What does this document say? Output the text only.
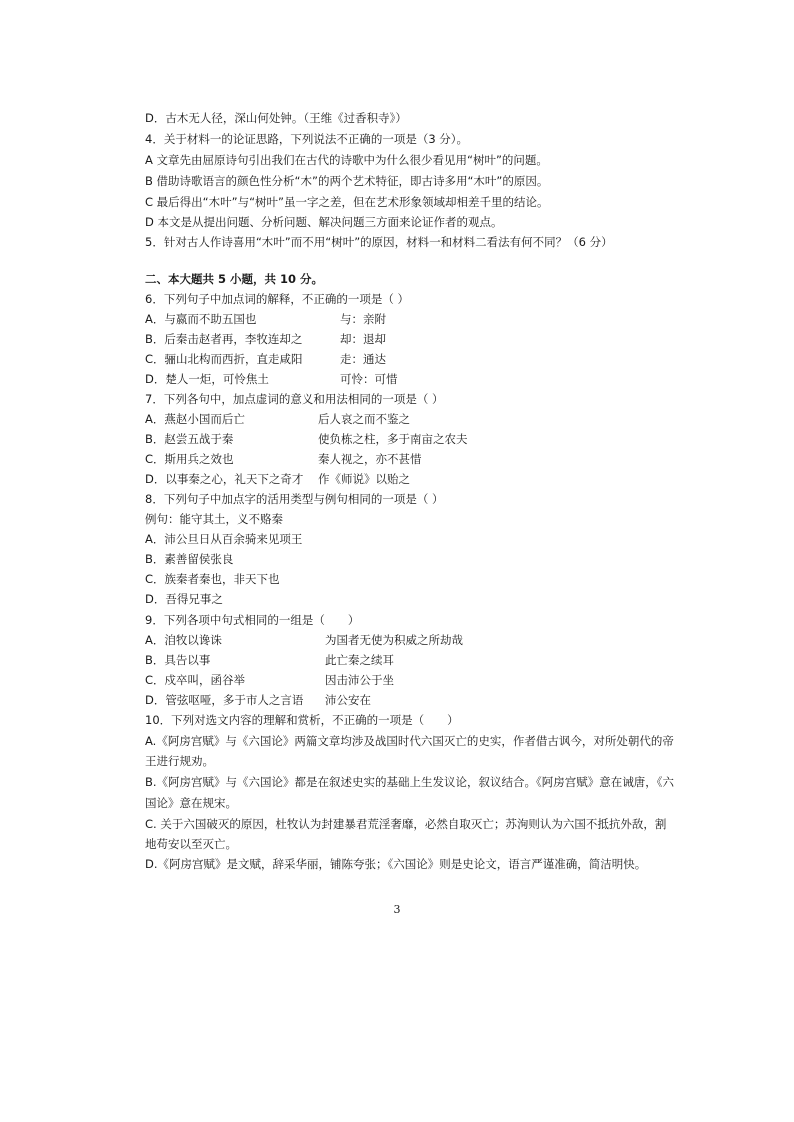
D．古木无人径，深山何处钟。（王维《过香积寺》）
4．关于材料一的论证思路，下列说法不正确的一项是（3 分）。
A 文章先由屈原诗句引出我们在古代的诗歌中为什么很少看见用“树叶”的问题。
B 借助诗歌语言的颜色性分析“木”的两个艺术特征，即古诗多用“木叶”的原因。
C 最后得出“木叶”与“树叶”虽一字之差，但在艺术形象领域却相差千里的结论。
D 本文是从提出问题、分析问题、解决问题三方面来论证作者的观点。
5．针对古人作诗喜用“木叶”而不用“树叶”的原因，材料一和材料二看法有何不同？（6 分）
二、本大题共 5 小题，共 10 分。
6．下列句子中加点词的解释，不正确的一项是（ ）
A．与嬴而不助五国也	与：亲附
B．后秦击赵者再，李牧连却之	却：退却
C．骊山北构而西折，直走咸阳	走：通达
D．楚人一炬，可怜焦土	可怜：可惜
7．下列各句中，加点虚词的意义和用法相同的一项是（ ）
A．燕赵小国而后亡	后人哀之而不鉴之
B．赵尝五战于秦	使负栋之柱，多于南亩之农夫
C．斯用兵之效也	秦人视之，亦不甚惜
D．以事秦之心，礼天下之奇才 作《师说》以贻之
8．下列句子中加点字的活用类型与例句相同的一项是（ ）
例句：能守其土，义不赂秦
A．沛公旦日从百余骑来见项王
B．素善留侯张良
C．族秦者秦也，非天下也
D．吾得兄事之
9．下列各项中句式相同的一组是（　　）
A．洎牧以谗诛	为国者无使为积威之所劫哉
B．具告以事	此亡秦之续耳
C．戍卒叫，函谷举	因击沛公于坐
D．管弦呕哑，多于市人之言语 沛公安在
10．下列对选文内容的理解和赏析，不正确的一项是（　　）
A.《阿房宫赋》与《六国论》两篇文章均涉及战国时代六国灭亡的史实，作者借古讽今，对所处朝代的帝
王进行规劝。
B.《阿房宫赋》与《六国论》都是在叙述史实的基础上生发议论，叙议结合。《阿房宫赋》意在诫唐，《六
国论》意在规宋。
C. 关于六国破灭的原因，杜牧认为封建暴君荒淫奢靡，必然自取灭亡；苏洵则认为六国不抵抗外敌，割
地苟安以至灭亡。
D.《阿房宫赋》是文赋，辞采华丽，铺陈夸张；《六国论》则是史论文，语言严谨准确，简洁明快。
3
